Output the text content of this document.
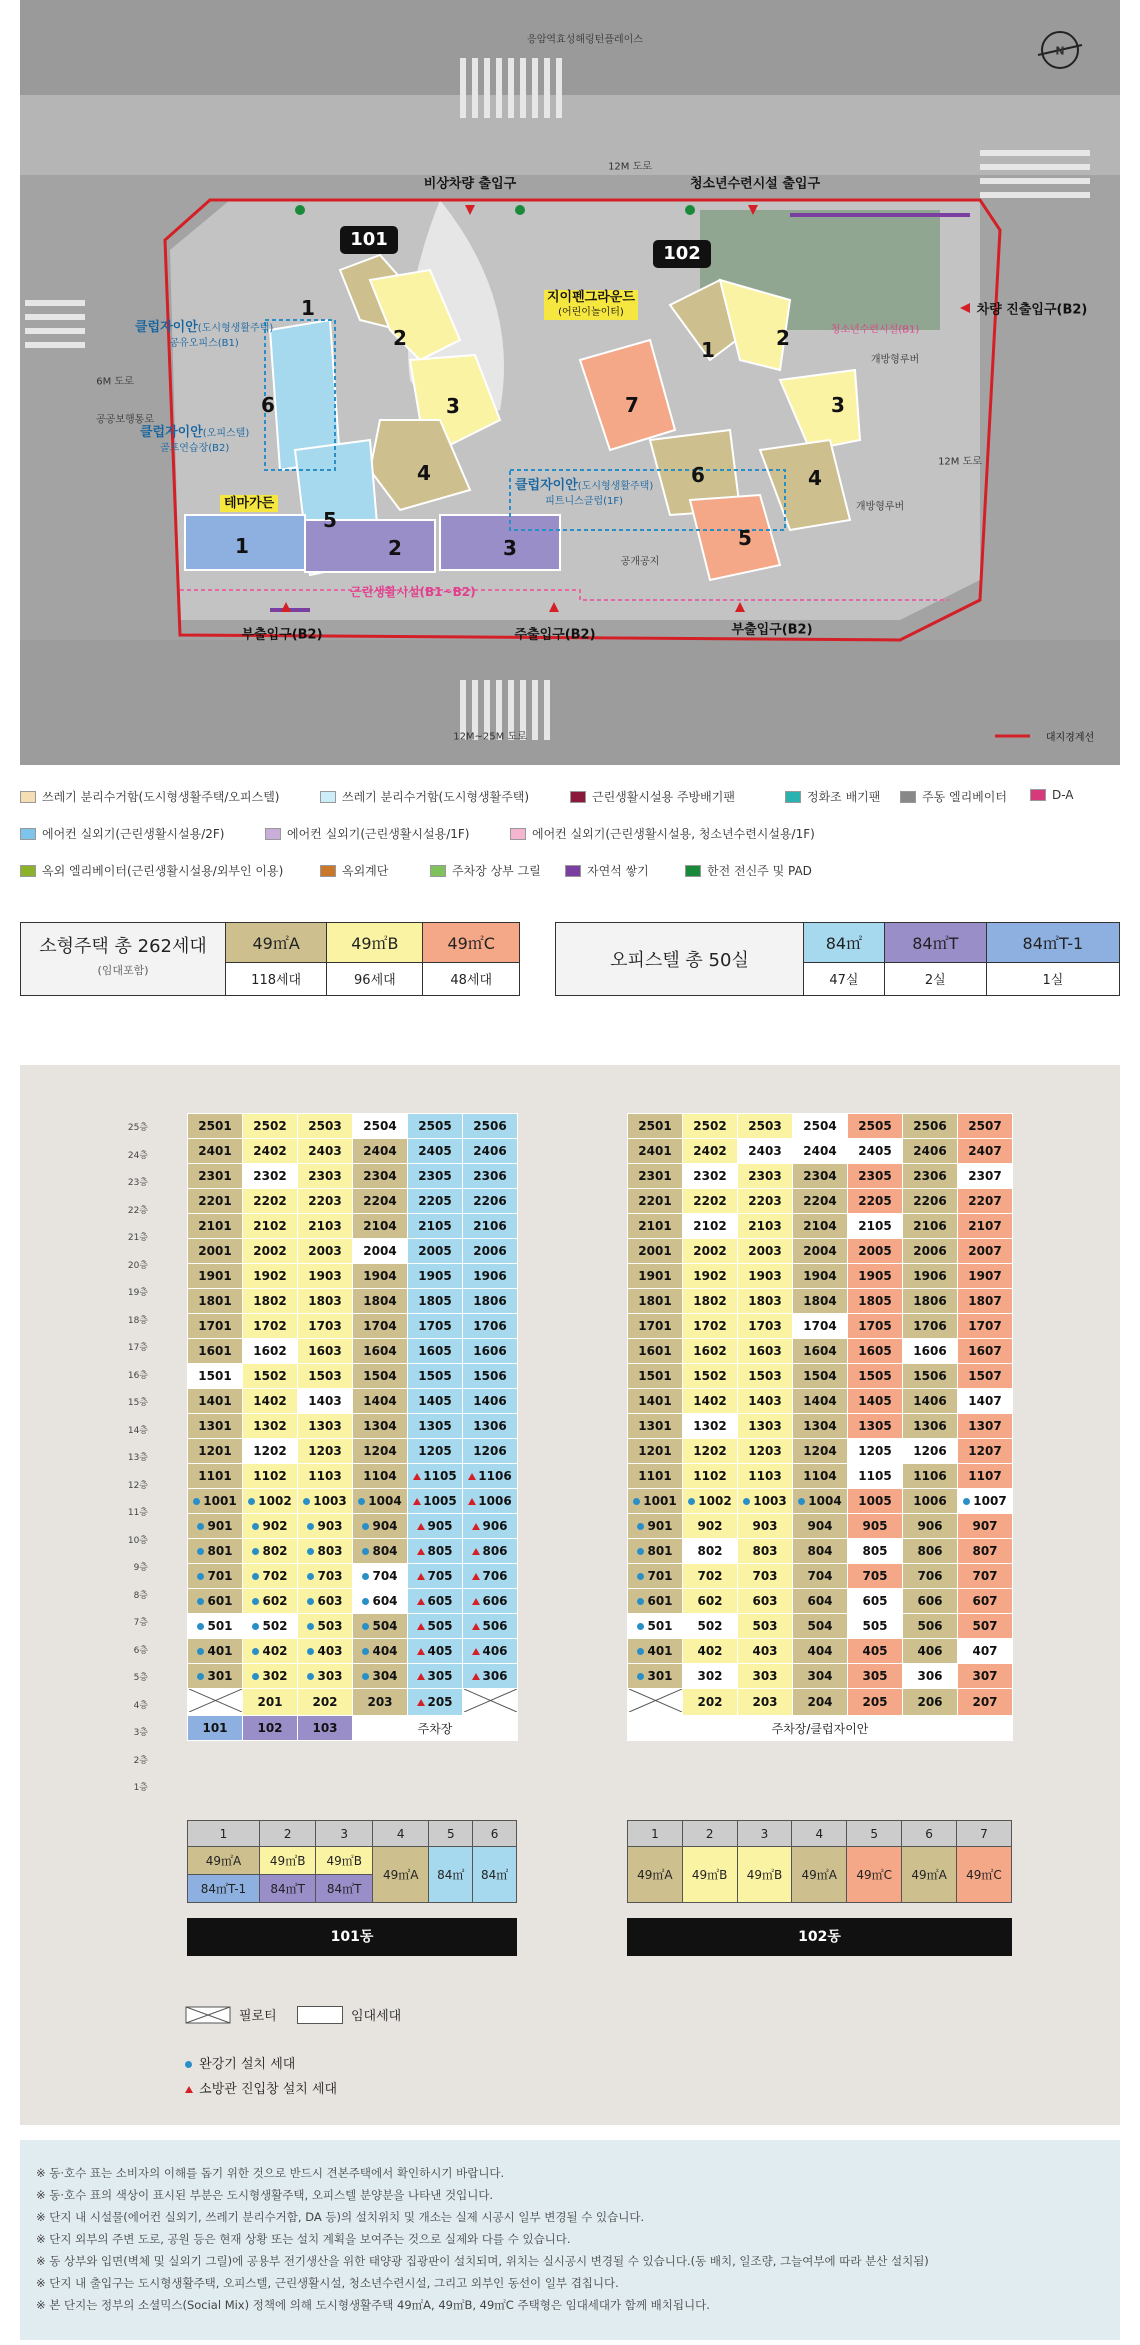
응암역효성해링턴플레이스
12M 도로
6M 도로
공공보행통로
12M 도로
12M~25M 도로
N
비상차량 출입구	청소년수련시설 출입구
차량 진출입구(B2)
부출입구(B2)	주출입구(B2)	부출입구(B2)
101
102
지이펜그라운드
(어린이놀이터)
클럽자이안(도시형생활주택)
공유오피스(B1)
클럽자이안(오피스텔)
골프연습장(B2)
클럽자이안(도시형생활주택)
피트니스클럽(1F)
테마가든
근린생활시설(B1~B2)
청소년수련시설(B1)
개방형루버
개방형루버
공개공지
대지경계선
1
2
3
4
5
6
1	2	3
1	2
3
4
5
6
7
쓰레기 분리수거함(도시형생활주택/오피스텔)	쓰레기 분리수거함(도시형생활주택)	근린생활시설용 주방배기팬	정화조 배기팬	주동 엘리베이터	D-A
에어컨 실외기(근린생활시설용/2F)	에어컨 실외기(근린생활시설용/1F)	에어컨 실외기(근린생활시설용, 청소년수련시설용/1F)
옥외 엘리베이터(근린생활시설용/외부인 이용)	옥외계단	주차장 상부 그릴	자연석 쌓기	한전 전신주 및 PAD
소형주택 총 262세대
(임대포함)	49㎡A	49㎡B	49㎡C
	118세대	96세대	48세대
오피스텔 총 50실	84㎡	84㎡T	84㎡T-1
	47실	2실	1실
25층
24층
23층
22층
21층
20층
19층
18층
17층
16층
15층
14층
13층
12층
11층
10층
9층
8층
7층
6층
5층
4층
3층
2층
1층
2501	2502	2503	2504	2505	2506
2401	2402	2403	2404	2405	2406
2301	2302	2303	2304	2305	2306
2201	2202	2203	2204	2205	2206
2101	2102	2103	2104	2105	2106
2001	2002	2003	2004	2005	2006
1901	1902	1903	1904	1905	1906
1801	1802	1803	1804	1805	1806
1701	1702	1703	1704	1705	1706
1601	1602	1603	1604	1605	1606
1501	1502	1503	1504	1505	1506
1401	1402	1403	1404	1405	1406
1301	1302	1303	1304	1305	1306
1201	1202	1203	1204	1205	1206
1101	1102	1103	1104	1105	1106
1001	1002	1003	1004	1005	1006
901	902	903	904	905	906
801	802	803	804	805	806
701	702	703	704	705	706
601	602	603	604	605	606
501	502	503	504	505	506
401	402	403	404	405	406
301	302	303	304	305	306
	201	202	203	205	
101	102	103	주차장		
2501	2502	2503	2504	2505	2506	2507
2401	2402	2403	2404	2405	2406	2407
2301	2302	2303	2304	2305	2306	2307
2201	2202	2203	2204	2205	2206	2207
2101	2102	2103	2104	2105	2106	2107
2001	2002	2003	2004	2005	2006	2007
1901	1902	1903	1904	1905	1906	1907
1801	1802	1803	1804	1805	1806	1807
1701	1702	1703	1704	1705	1706	1707
1601	1602	1603	1604	1605	1606	1607
1501	1502	1503	1504	1505	1506	1507
1401	1402	1403	1404	1405	1406	1407
1301	1302	1303	1304	1305	1306	1307
1201	1202	1203	1204	1205	1206	1207
1101	1102	1103	1104	1105	1106	1107
1001	1002	1003	1004	1005	1006	1007
901	902	903	904	905	906	907
801	802	803	804	805	806	807
701	702	703	704	705	706	707
601	602	603	604	605	606	607
501	502	503	504	505	506	507
401	402	403	404	405	406	407
301	302	303	304	305	306	307
	202	203	204	205	206	207
주차장/클럽자이안						
1	2	3	4	5	6
49㎡A	49㎡B	49㎡B	49㎡A	84㎡	84㎡
84㎡T-1	84㎡T	84㎡T			
1	2	3	4	5	6	7
49㎡A	49㎡B	49㎡B	49㎡A	49㎡C	49㎡A	49㎡C
101동	102동
필로티	임대세대
완강기 설치 세대
소방관 진입창 설치 세대
※ 동·호수 표는 소비자의 이해를 돕기 위한 것으로 반드시 견본주택에서 확인하시기 바랍니다.
※ 동·호수 표의 색상이 표시된 부분은 도시형생활주택, 오피스텔 분양분을 나타낸 것입니다.
※ 단지 내 시설물(에어컨 실외기, 쓰레기 분리수거함, DA 등)의 설치위치 및 개소는 실제 시공시 일부 변경될 수 있습니다.
※ 단지 외부의 주변 도로, 공원 등은 현재 상황 또는 설치 계획을 보여주는 것으로 실제와 다를 수 있습니다.
※ 동 상부와 입면(벽체 및 실외기 그릴)에 공용부 전기생산을 위한 태양광 집광판이 설치되며, 위치는 실시공시 변경될 수 있습니다.(동 배치, 일조량, 그늘여부에 따라 분산 설치됨)
※ 단지 내 출입구는 도시형생활주택, 오피스텔, 근린생활시설, 청소년수련시설, 그리고 외부인 동선이 일부 겹칩니다.
※ 본 단지는 정부의 소셜믹스(Social Mix) 정책에 의해 도시형생활주택 49㎡A, 49㎡B, 49㎡C 주택형은 임대세대가 함께 배치됩니다.
